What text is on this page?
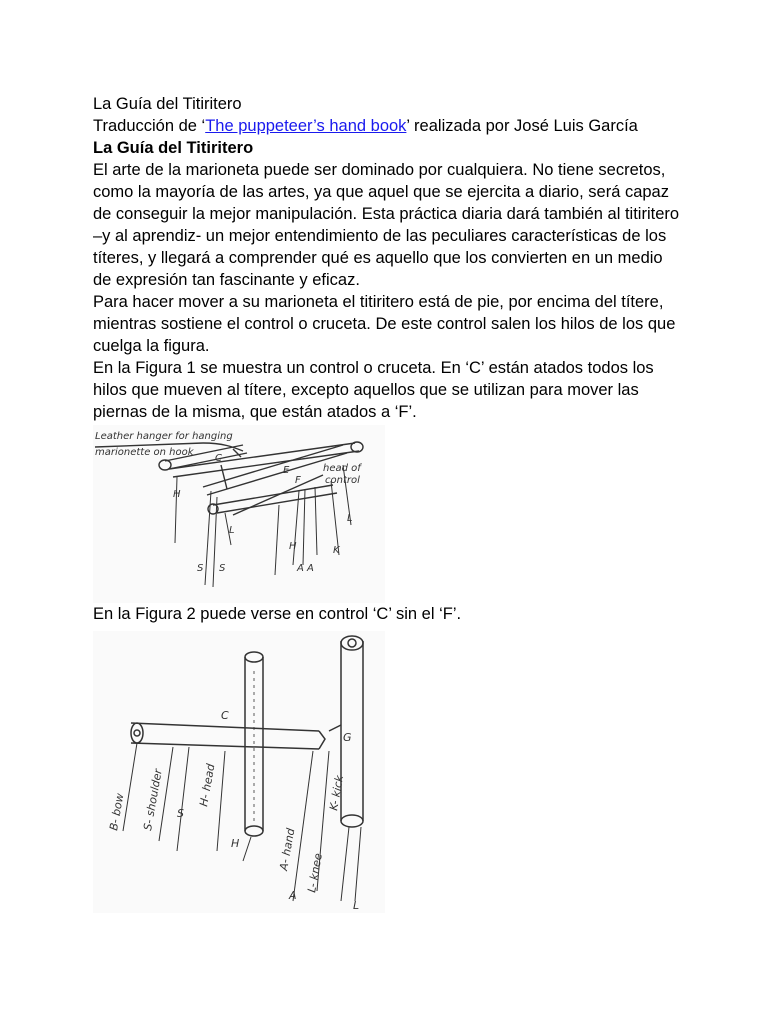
La Guía del Titiritero

Traducción de ‘The puppeteer’s hand book’ realizada por José Luis García

La Guía del Titiritero

El arte de la marioneta puede ser dominado por cualquiera. No tiene secretos, como la mayoría de las artes, ya que aquel que se ejercita a diario, será capaz de conseguir la mejor manipulación. Esta práctica diaria dará también al titiritero –y al aprendiz- un mejor entendimiento de las peculiares características de los títeres, y llegará a comprender qué es aquello que los convierten en un medio de expresión tan fascinante y eficaz.

Para hacer mover a su marioneta el titiritero está de pie, por encima del títere, mientras sostiene el control o cruceta. De este control salen los hilos de los que cuelga la figura.

En la Figura 1 se muestra un control o cruceta. En ‘C’ están atados todos los hilos que mueven al títere, excepto aquellos que se utilizan para mover las piernas de la misma, que están atados a ‘F’.

Leather hanger for hanging
marionette on hook
head of
control
C
E
F
H
H
S S
L
L
A A
K

En la Figura 2 puede verse en control ‘C’ sin el ‘F’.

C
B- bow S- shoulder S
H- head
H	A- hand
A
L- knee
L
K- kick
G
